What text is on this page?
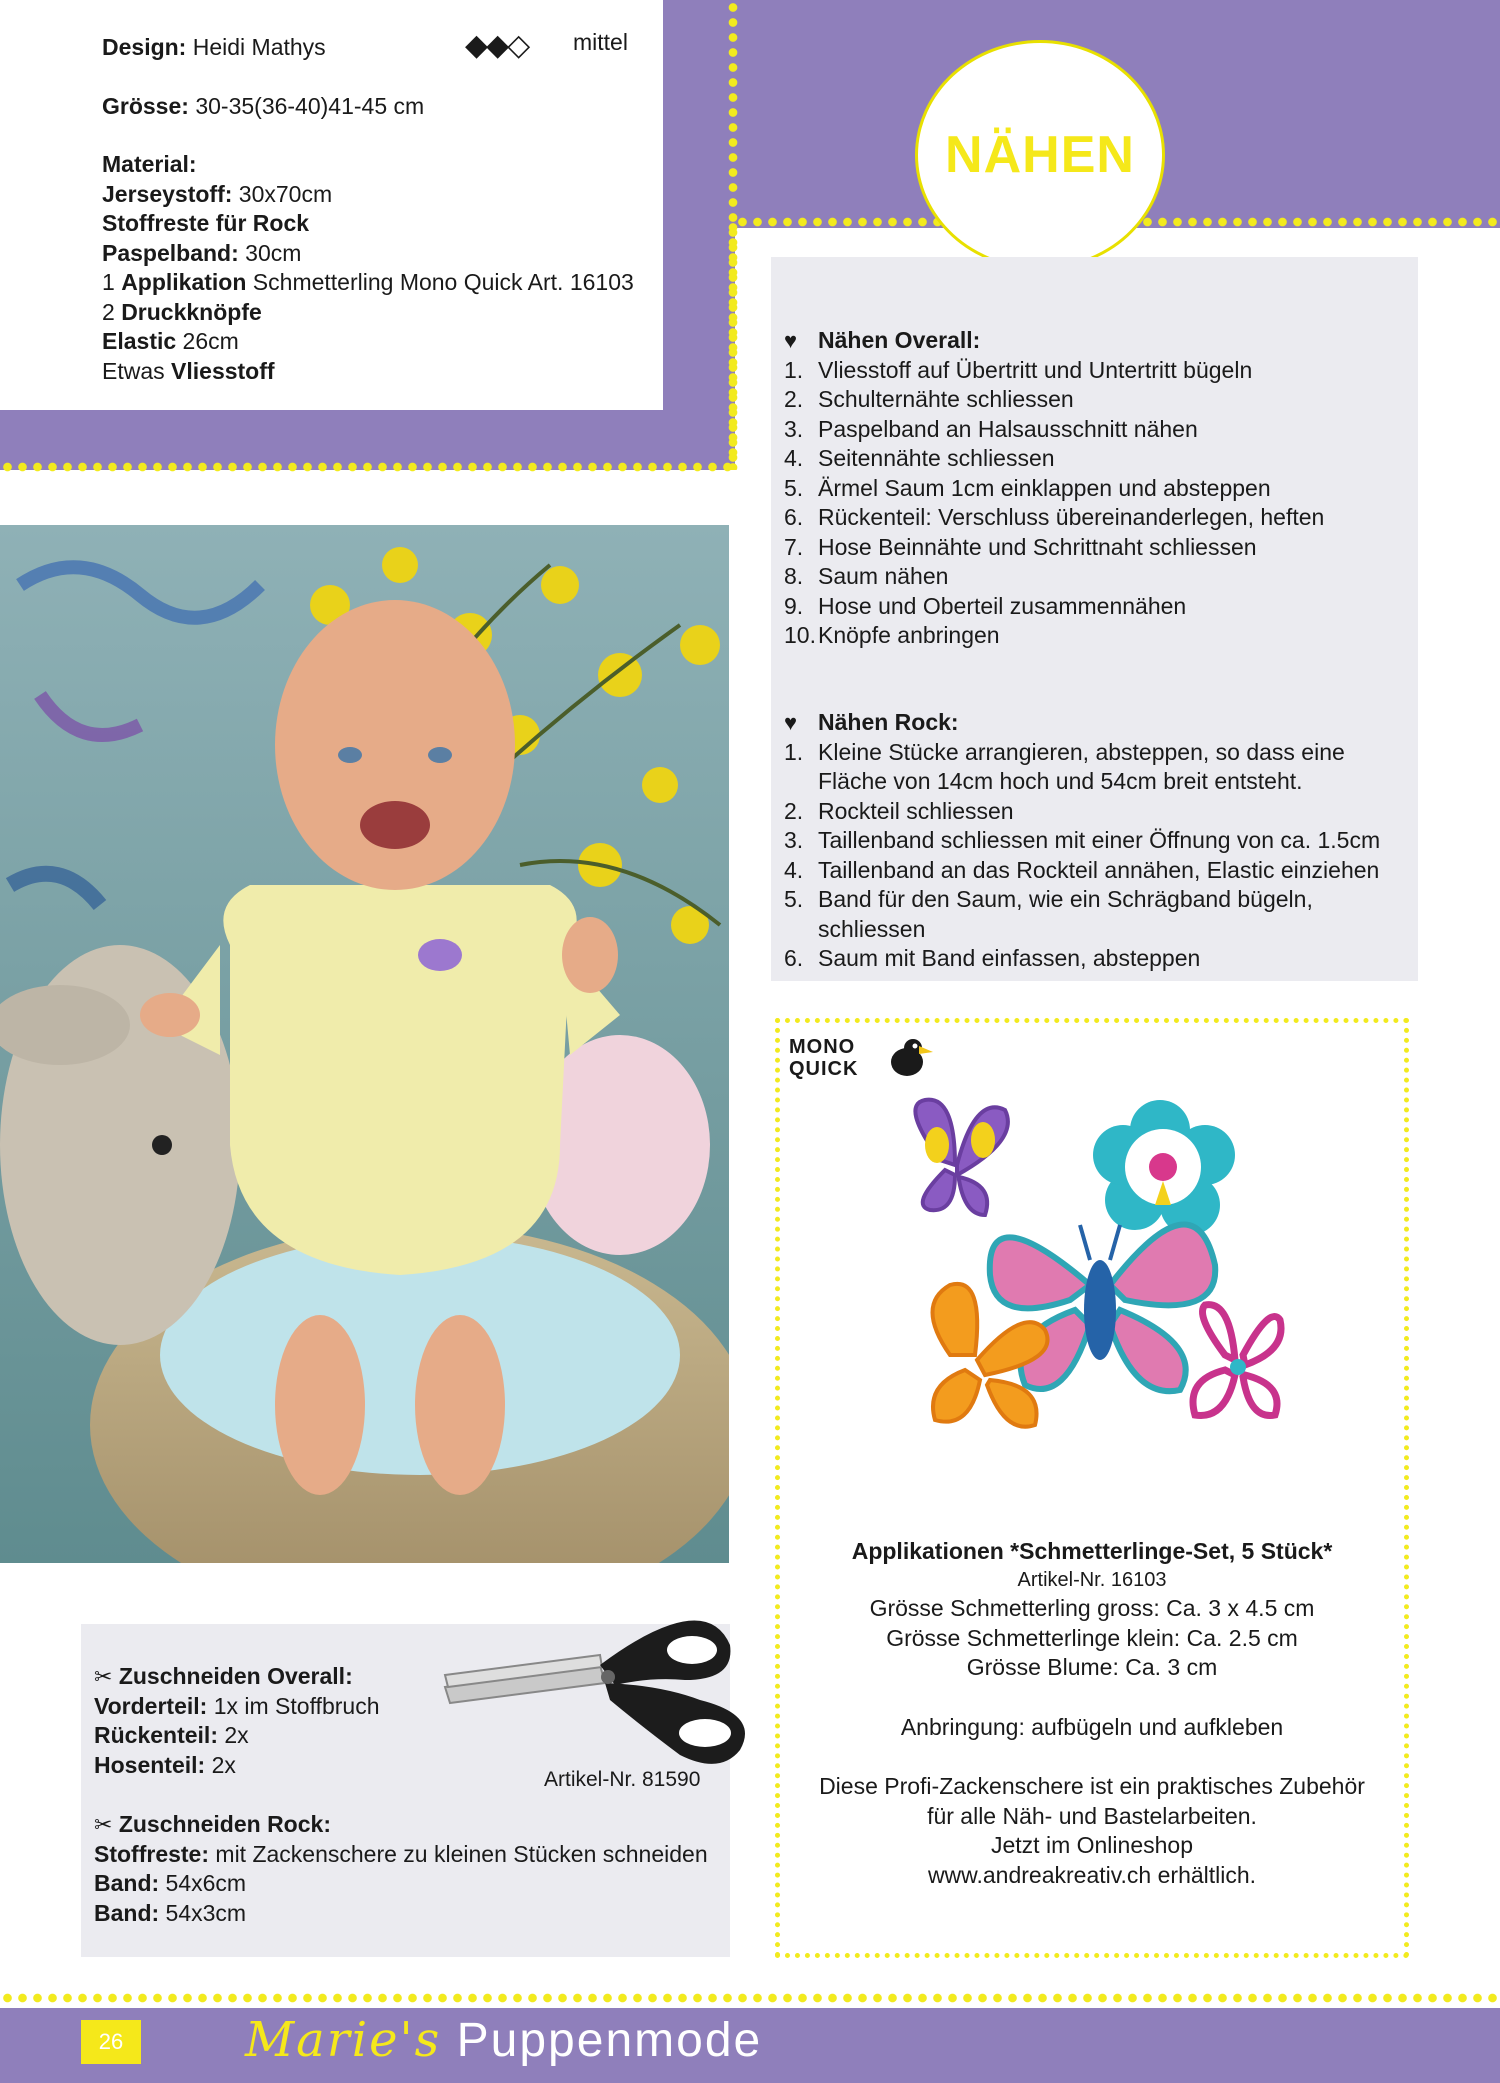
Design: Heidi Mathys	◆◆◇ mittel
Grösse: 30-35(36-40)41-45 cm
Material:
Jerseystoff: 30x70cm
Stoffreste für Rock
Paspelband: 30cm
1 Applikation Schmetterling Mono Quick Art. 16103
2 Druckknöpfe
Elastic 26cm
Etwas Vliesstoff
NÄHEN
♥ Nähen Overall:
1. Vliesstoff auf Übertritt und Untertritt bügeln
2. Schulternähte schliessen
3. Paspelband an Halsausschnitt nähen
4. Seitennähte schliessen
5. Ärmel Saum 1cm einklappen und absteppen
6. Rückenteil: Verschluss übereinanderlegen, heften
7. Hose Beinnähte und Schrittnaht schliessen
8. Saum nähen
9. Hose und Oberteil zusammennähen
10. Knöpfe anbringen
♥ Nähen Rock:
1. Kleine Stücke arrangieren, absteppen, so dass eine Fläche von 14cm hoch und 54cm breit entsteht.
2. Rockteil schliessen
3. Taillenband schliessen mit einer Öffnung von ca. 1.5cm
4. Taillenband an das Rockteil annähen, Elastic einziehen
5. Band für den Saum, wie ein Schrägband bügeln, schliessen
6. Saum mit Band einfassen, absteppen
✂ Zuschneiden Overall:
Vorderteil: 1x im Stoffbruch
Rückenteil: 2x
Hosenteil: 2x
✂ Zuschneiden Rock:
Stoffreste: mit Zackenschere zu kleinen Stücken schneiden
Band: 54x6cm
Band: 54x3cm
Artikel-Nr. 81590
MONO
QUICK
Applikationen *Schmetterlinge-Set, 5 Stück*
Artikel-Nr. 16103
Grösse Schmetterling gross: Ca. 3 x 4.5 cm
Grösse Schmetterlinge klein: Ca. 2.5 cm
Grösse Blume: Ca. 3 cm
Anbringung: aufbügeln und aufkleben
Diese Profi-Zackenschere ist ein praktisches Zubehör
für alle Näh- und Bastelarbeiten.
Jetzt im Onlineshop
www.andreakreativ.ch erhältlich.
26	Marie's Puppenmode
